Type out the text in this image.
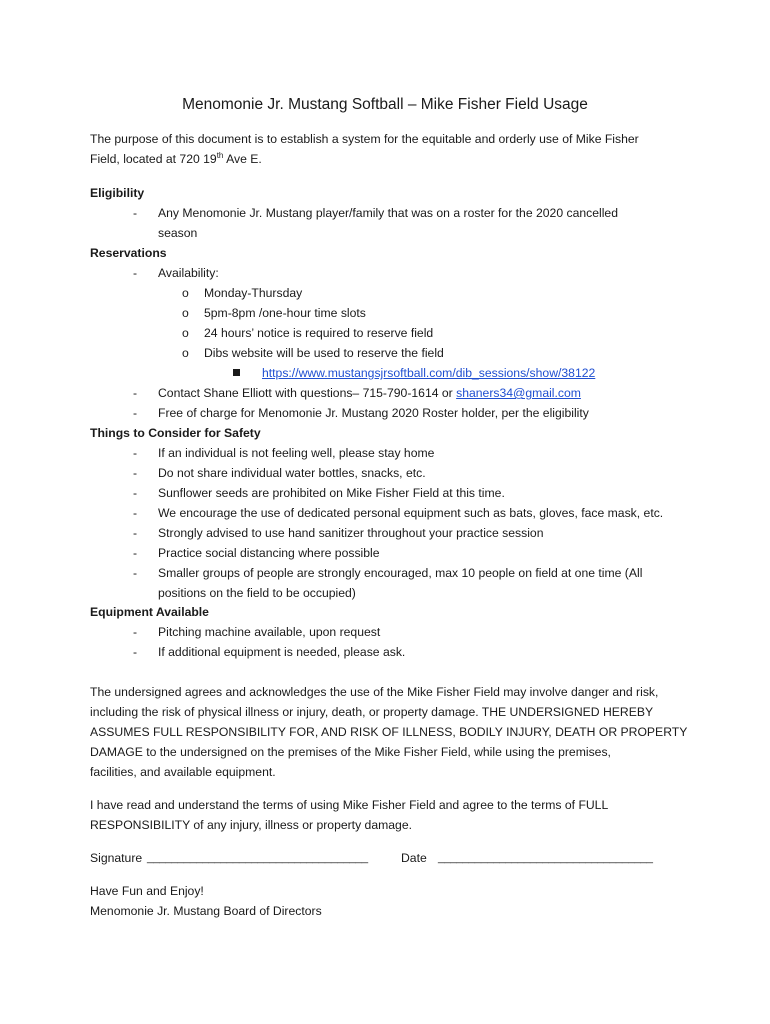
Menomonie Jr. Mustang Softball – Mike Fisher Field Usage
The purpose of this document is to establish a system for the equitable and orderly use of Mike Fisher
Field, located at 720 19th Ave E.
Eligibility
- Any Menomonie Jr. Mustang player/family that was on a roster for the 2020 cancelled
season
Reservations
- Availability:
o Monday-Thursday
o 5pm-8pm /one-hour time slots
o 24 hours’ notice is required to reserve field
o Dibs website will be used to reserve the field
https://www.mustangsjrsoftball.com/dib_sessions/show/38122
- Contact Shane Elliott with questions– 715-790-1614 or shaners34@gmail.com
- Free of charge for Menomonie Jr. Mustang 2020 Roster holder, per the eligibility
Things to Consider for Safety
- If an individual is not feeling well, please stay home
- Do not share individual water bottles, snacks, etc.
- Sunflower seeds are prohibited on Mike Fisher Field at this time.
- We encourage the use of dedicated personal equipment such as bats, gloves, face mask, etc.
- Strongly advised to use hand sanitizer throughout your practice session
- Practice social distancing where possible
- Smaller groups of people are strongly encouraged, max 10 people on field at one time (All
positions on the field to be occupied)
Equipment Available
- Pitching machine available, upon request
- If additional equipment is needed, please ask.
The undersigned agrees and acknowledges the use of the Mike Fisher Field may involve danger and risk,
including the risk of physical illness or injury, death, or property damage. THE UNDERSIGNED HEREBY
ASSUMES FULL RESPONSIBILITY FOR, AND RISK OF ILLNESS, BODILY INJURY, DEATH OR PROPERTY
DAMAGE to the undersigned on the premises of the Mike Fisher Field, while using the premises,
facilities, and available equipment.
I have read and understand the terms of using Mike Fisher Field and agree to the terms of FULL
RESPONSIBILITY of any injury, illness or property damage.
Signature ____________________________________	Date ___________________________________
Have Fun and Enjoy!
Menomonie Jr. Mustang Board of Directors
